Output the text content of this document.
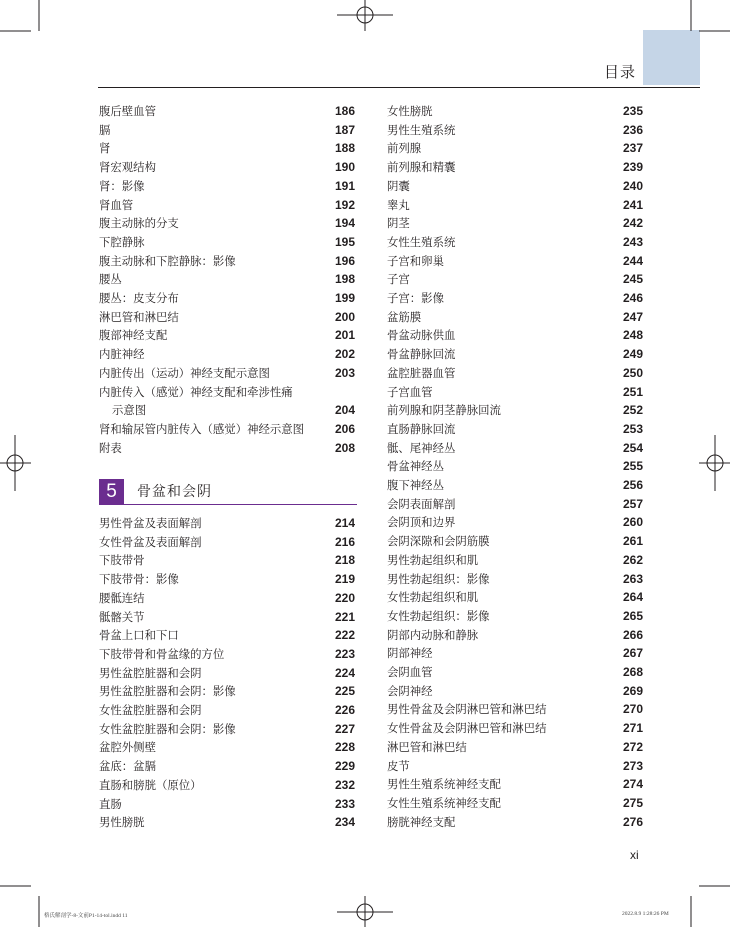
目录
腹后壁血管	186
膈	187
肾	188
肾宏观结构	190
肾：影像	191
肾血管	192
腹主动脉的分支	194
下腔静脉	195
腹主动脉和下腔静脉：影像	196
腰丛	198
腰丛：皮支分布	199
淋巴管和淋巴结	200
腹部神经支配	201
内脏神经	202
内脏传出（运动）神经支配示意图	203
内脏传入（感觉）神经支配和牵涉性痛
示意图	204
肾和输尿管内脏传入（感觉）神经示意图	206
附表	208
男性骨盆及表面解剖	214
女性骨盆及表面解剖	216
下肢带骨	218
下肢带骨：影像	219
腰骶连结	220
骶髂关节	221
骨盆上口和下口	222
下肢带骨和骨盆缘的方位	223
男性盆腔脏器和会阴	224
男性盆腔脏器和会阴：影像	225
女性盆腔脏器和会阴	226
女性盆腔脏器和会阴：影像	227
盆腔外侧壁	228
盆底：盆膈	229
直肠和膀胱（原位）	232
直肠	233
男性膀胱	234
女性膀胱	235
男性生殖系统	236
前列腺	237
前列腺和精囊	239
阴囊	240
睾丸	241
阴茎	242
女性生殖系统	243
子宫和卵巢	244
子宫	245
子宫：影像	246
盆筋膜	247
骨盆动脉供血	248
骨盆静脉回流	249
盆腔脏器血管	250
子宫血管	251
前列腺和阴茎静脉回流	252
直肠静脉回流	253
骶、尾神经丛	254
骨盆神经丛	255
腹下神经丛	256
会阴表面解剖	257
会阴顶和边界	260
会阴深隙和会阴筋膜	261
男性勃起组织和肌	262
男性勃起组织：影像	263
女性勃起组织和肌	264
女性勃起组织：影像	265
阴部内动脉和静脉	266
阴部神经	267
会阴血管	268
会阴神经	269
男性骨盆及会阴淋巴管和淋巴结	270
女性骨盆及会阴淋巴管和淋巴结	271
淋巴管和淋巴结	272
皮节	273
男性生殖系统神经支配	274
女性生殖系统神经支配	275
膀胱神经支配	276
5	骨盆和会阴
xi
格氏解剖学-8-文前P1-14-tol.indd 11	2022.8.9 1:28:26 PM
